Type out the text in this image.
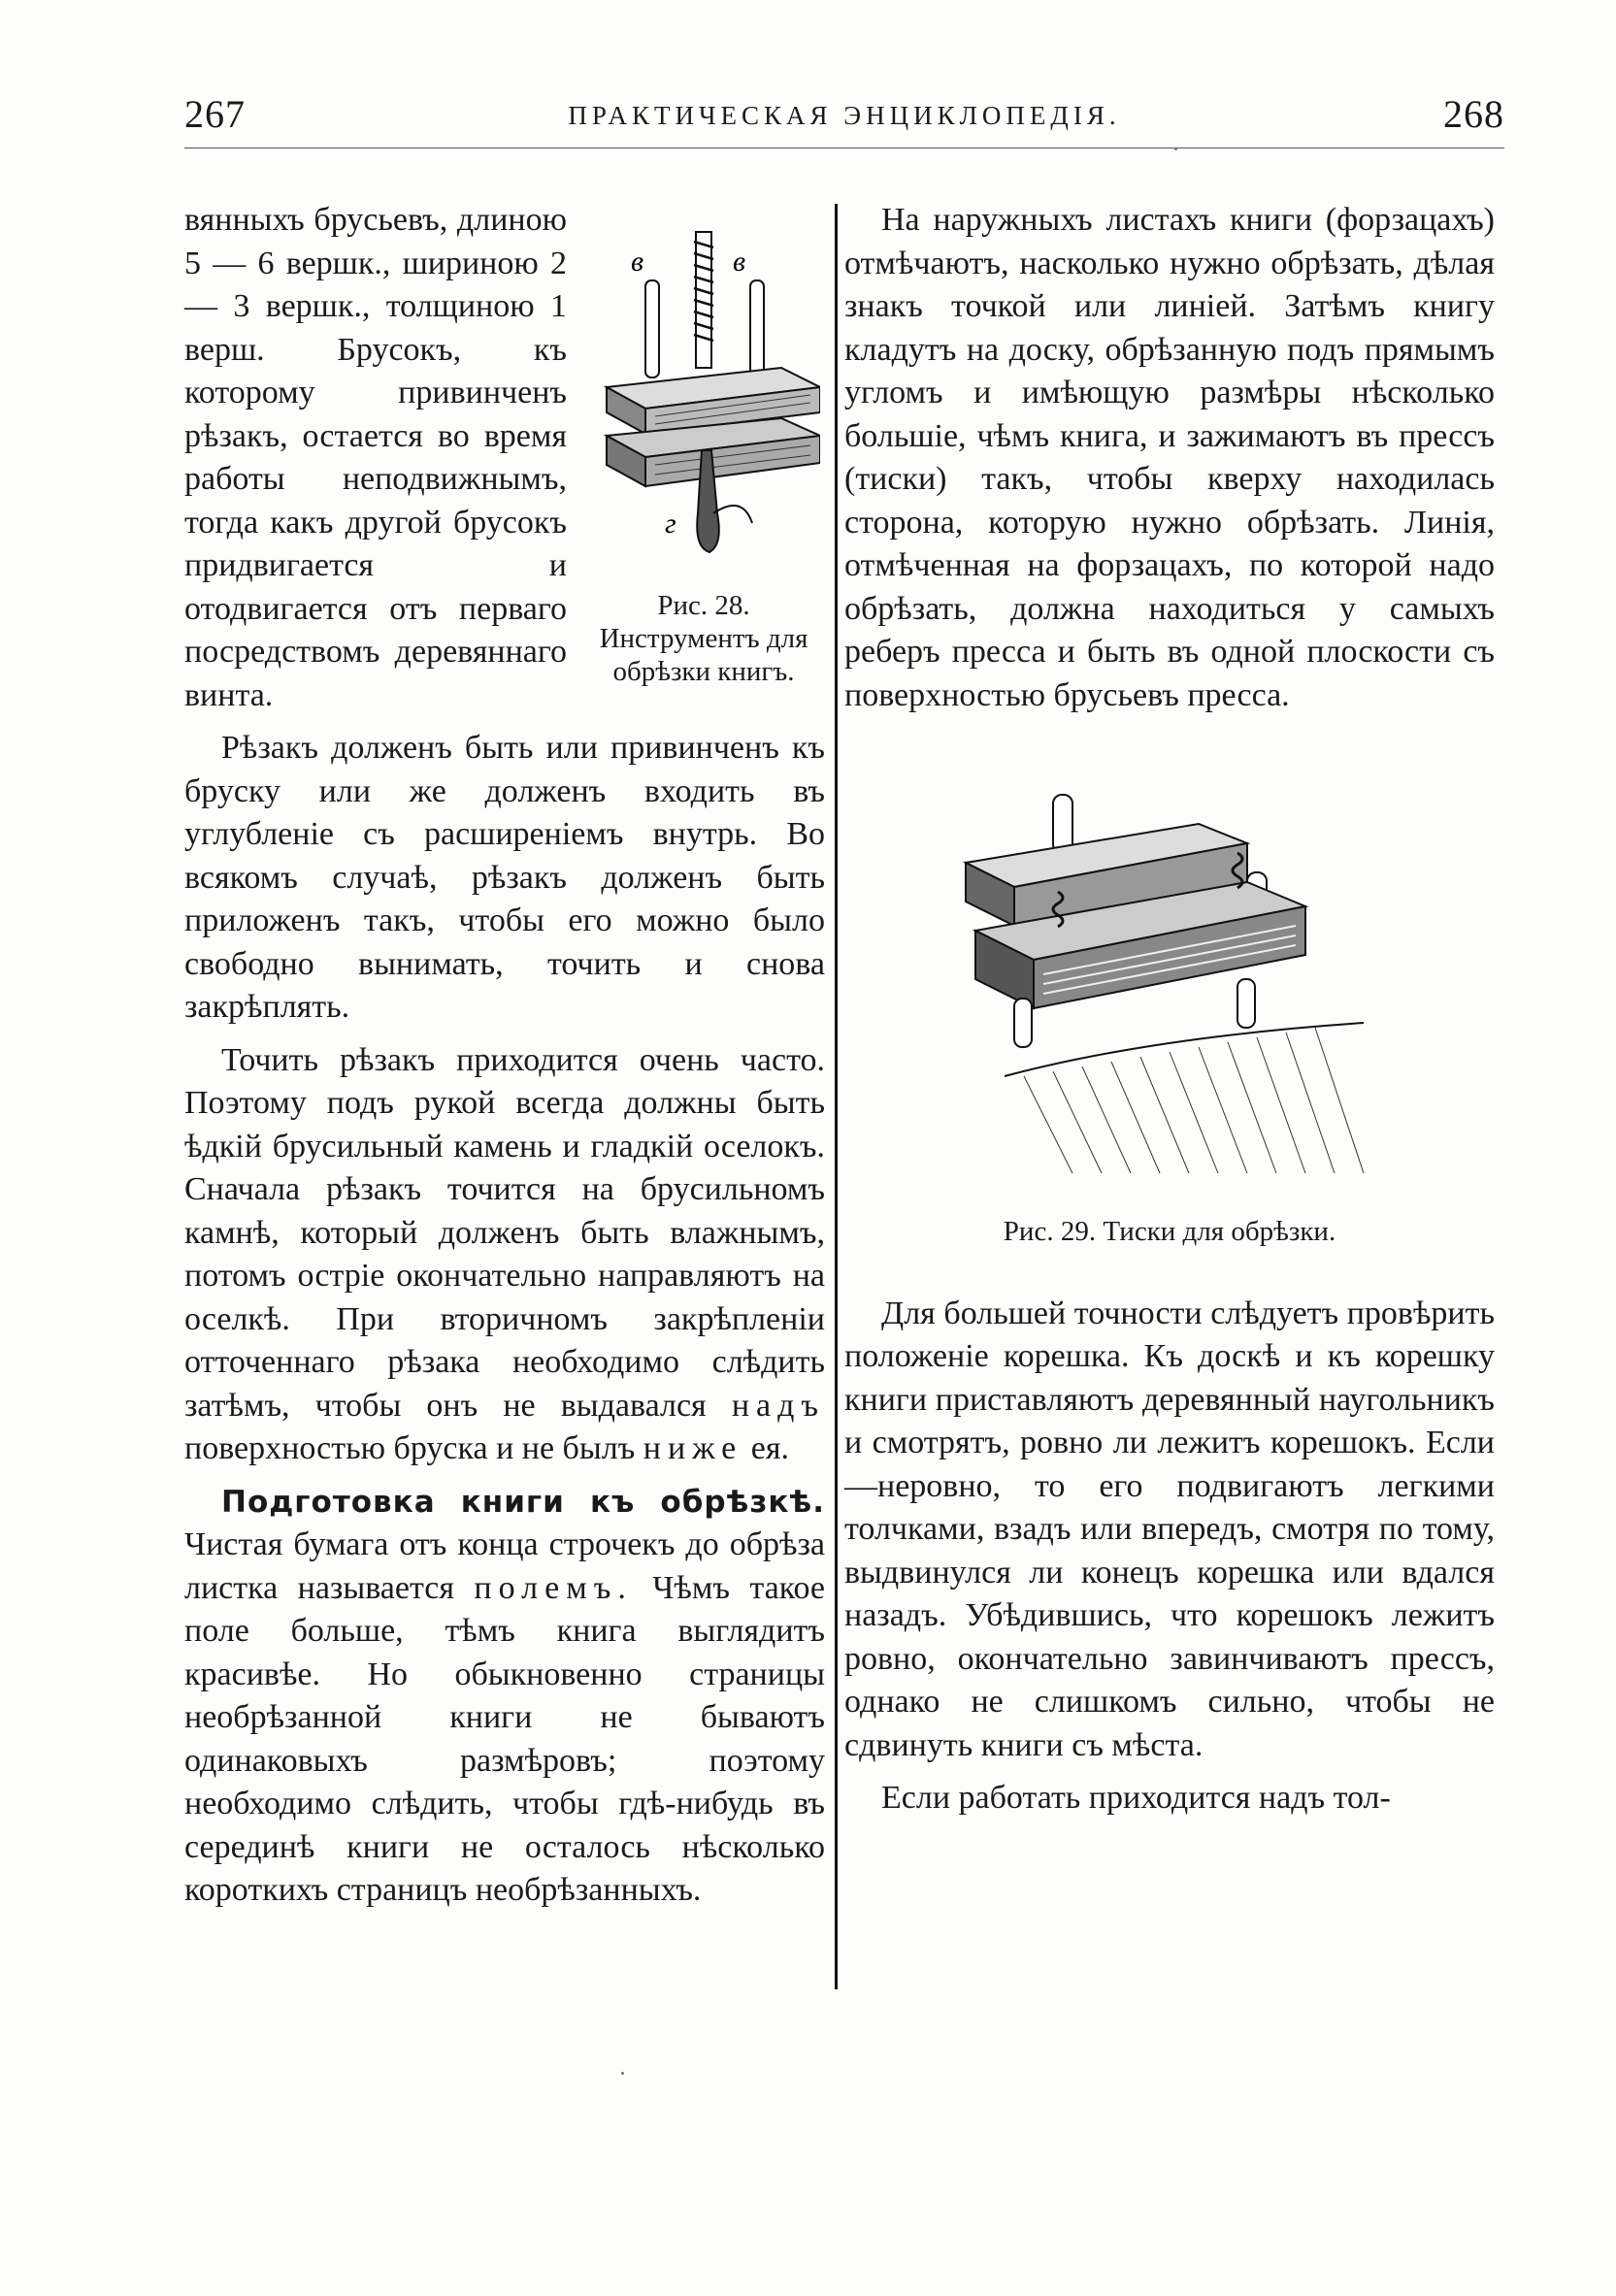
267	ПРАКТИЧЕСКАЯ ЭНЦИКЛОПЕДІЯ.	268

в	в
г
Рис. 28. Инструментъ для обрѣзки книгъ.
вянныхъ брусьевъ, длиною 5 — 6 вершк., шириною 2 — 3 вершк., толщиною 1 верш. Брусокъ, къ которому привинченъ рѣзакъ, остается во время работы неподвижнымъ, тогда какъ другой брусокъ придвигается и отодвигается отъ перваго посредствомъ деревяннаго винта.

Рѣзакъ долженъ быть или привинченъ къ бруску или же долженъ входить въ углубленіе съ расширеніемъ внутрь. Во всякомъ случаѣ, рѣзакъ долженъ быть приложенъ такъ, чтобы его можно было свободно вынимать, точить и снова закрѣплять.

Точить рѣзакъ приходится очень часто. Поэтому подъ рукой всегда должны быть ѣдкій брусильный камень и гладкій оселокъ. Сначала рѣзакъ точится на брусильномъ камнѣ, который долженъ быть влажнымъ, потомъ остріе окончательно направляютъ на оселкѣ. При вторичномъ закрѣпленіи отточеннаго рѣзака необходимо слѣдить затѣмъ, чтобы онъ не выдавался надъ поверхностью бруска и не былъ ниже ея.

Подготовка книги къ обрѣзкѣ. Чистая бумага отъ конца строчекъ до обрѣза листка называется полемъ. Чѣмъ такое поле больше, тѣмъ книга выглядитъ красивѣе. Но обыкновенно страницы необрѣзанной книги не бываютъ одинаковыхъ размѣровъ; поэтому необходимо слѣдить, чтобы гдѣ-нибудь въ серединѣ книги не осталось нѣсколько короткихъ страницъ необрѣзанныхъ.

На наружныхъ листахъ книги (форзацахъ) отмѣчаютъ, насколько нужно обрѣзать, дѣлая знакъ точкой или линіей. Затѣмъ книгу кладутъ на доску, обрѣзанную подъ прямымъ угломъ и имѣющую размѣры нѣсколько большіе, чѣмъ книга, и зажимаютъ въ прессъ (тиски) такъ, чтобы кверху находилась сторона, которую нужно обрѣзать. Линія, отмѣченная на форзацахъ, по которой надо обрѣзать, должна находиться у самыхъ реберъ пресса и быть въ одной плоскости съ поверхностью брусьевъ пресса.

Рис. 29. Тиски для обрѣзки.

Для большей точности слѣдуетъ провѣрить положеніе корешка. Къ доскѣ и къ корешку книги приставляютъ деревянный наугольникъ и смотрятъ, ровно ли лежитъ корешокъ. Если—неровно, то его подвигаютъ легкими толчками, взадъ или впередъ, смотря по тому, выдвинулся ли конецъ корешка или вдался назадъ. Убѣдившись, что корешокъ лежитъ ровно, окончательно завинчиваютъ прессъ, однако не слишкомъ сильно, чтобы не сдвинуть книги съ мѣста.

Если работать приходится надъ тол-
